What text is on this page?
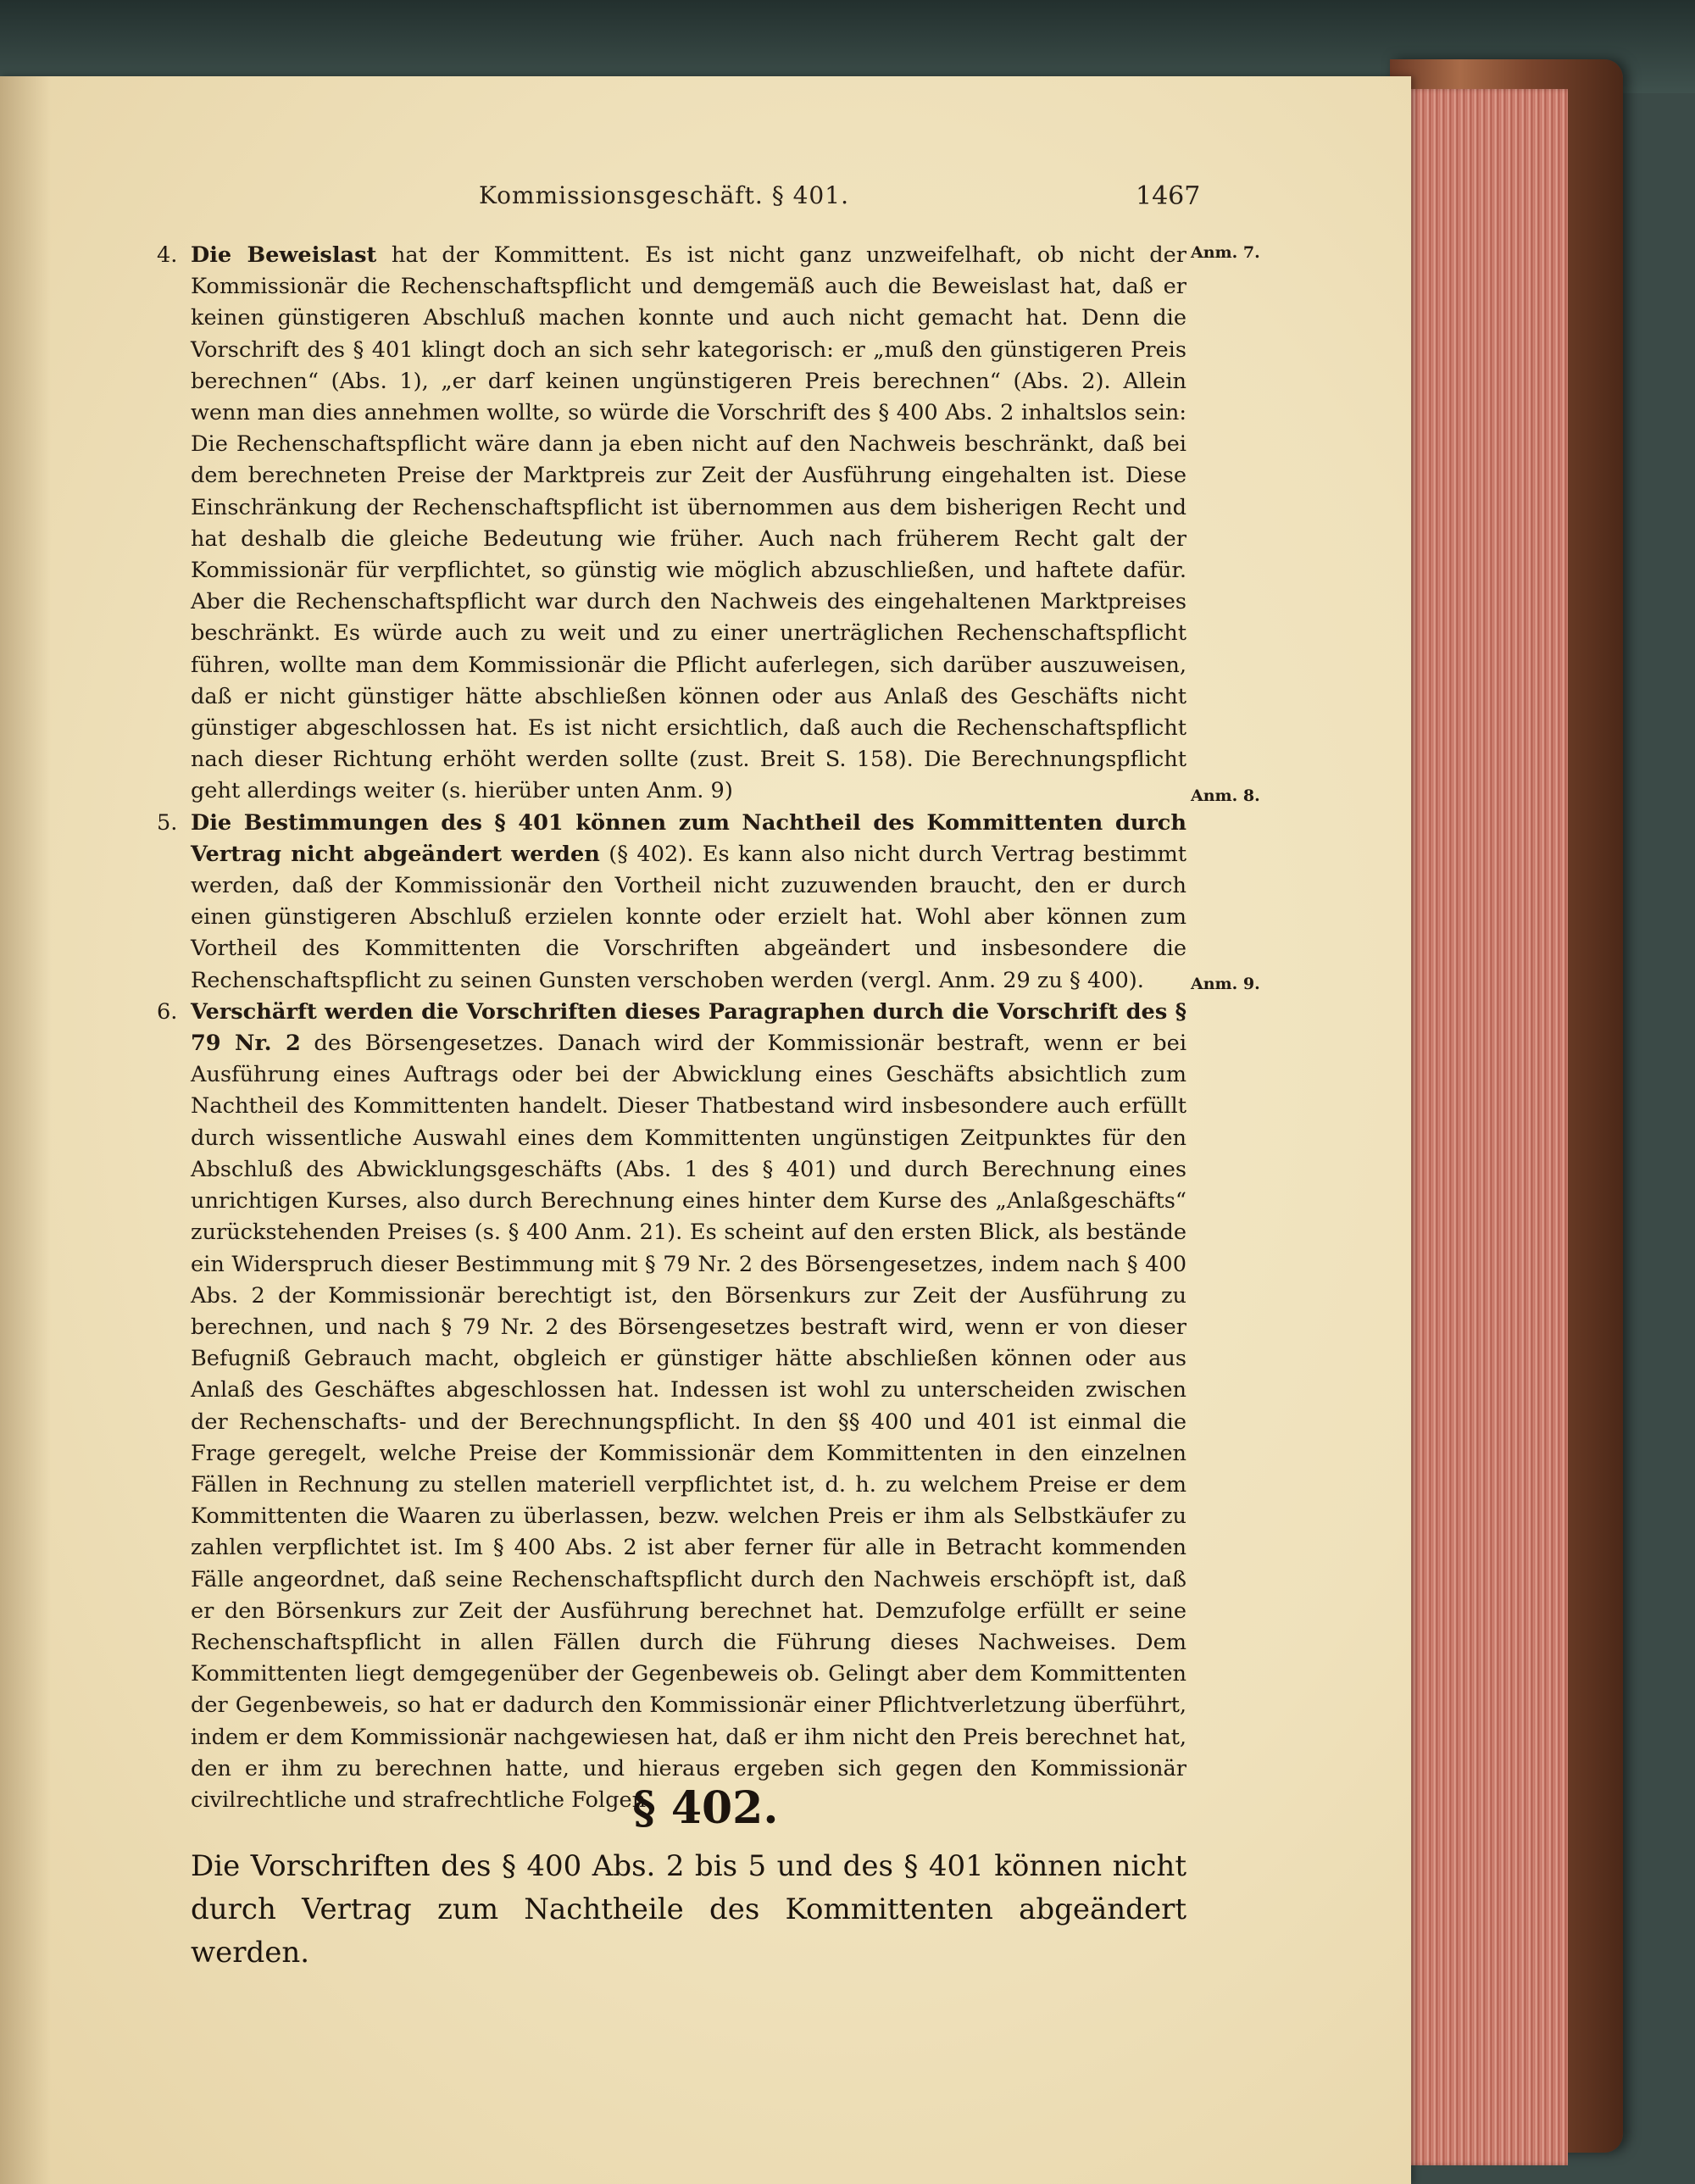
Kommissionsgeschäft. § 401.	1467

4. Die Beweislast hat der Kommittent. Es ist nicht ganz unzweifelhaft, ob nicht der Kommissionär die Rechenschaftspflicht und demgemäß auch die Beweislast hat, daß er keinen günstigeren Abschluß machen konnte und auch nicht gemacht hat. Denn die Vorschrift des § 401 klingt doch an sich sehr kategorisch: er „muß den günstigeren Preis berechnen“ (Abs. 1), „er darf keinen ungünstigeren Preis berechnen“ (Abs. 2). Allein wenn man dies annehmen wollte, so würde die Vorschrift des § 400 Abs. 2 inhaltslos sein: Die Rechenschaftspflicht wäre dann ja eben nicht auf den Nachweis beschränkt, daß bei dem berechneten Preise der Marktpreis zur Zeit der Ausführung eingehalten ist. Diese Einschränkung der Rechenschaftspflicht ist übernommen aus dem bisherigen Recht und hat deshalb die gleiche Bedeutung wie früher. Auch nach früherem Recht galt der Kommissionär für verpflichtet, so günstig wie möglich abzuschließen, und haftete dafür. Aber die Rechenschaftspflicht war durch den Nachweis des eingehaltenen Marktpreises beschränkt. Es würde auch zu weit und zu einer unerträglichen Rechenschaftspflicht führen, wollte man dem Kommissionär die Pflicht auferlegen, sich darüber auszuweisen, daß er nicht günstiger hätte abschließen können oder aus Anlaß des Geschäfts nicht günstiger abgeschlossen hat. Es ist nicht ersichtlich, daß auch die Rechenschaftspflicht nach dieser Richtung erhöht werden sollte (zust. Breit S. 158). Die Berechnungspflicht geht allerdings weiter (s. hierüber unten Anm. 9)

5. Die Bestimmungen des § 401 können zum Nachtheil des Kommittenten durch Vertrag nicht abgeändert werden (§ 402). Es kann also nicht durch Vertrag bestimmt werden, daß der Kommissionär den Vortheil nicht zuzuwenden braucht, den er durch einen günstigeren Abschluß erzielen konnte oder erzielt hat. Wohl aber können zum Vortheil des Kommittenten die Vorschriften abgeändert und insbesondere die Rechenschaftspflicht zu seinen Gunsten verschoben werden (vergl. Anm. 29 zu § 400).

6. Verschärft werden die Vorschriften dieses Paragraphen durch die Vorschrift des § 79 Nr. 2 des Börsengesetzes. Danach wird der Kommissionär bestraft, wenn er bei Ausführung eines Auftrags oder bei der Abwicklung eines Geschäfts absichtlich zum Nachtheil des Kommittenten handelt. Dieser Thatbestand wird insbesondere auch erfüllt durch wissentliche Auswahl eines dem Kommittenten ungünstigen Zeitpunktes für den Abschluß des Abwicklungsgeschäfts (Abs. 1 des § 401) und durch Berechnung eines unrichtigen Kurses, also durch Berechnung eines hinter dem Kurse des „Anlaßgeschäfts“ zurückstehenden Preises (s. § 400 Anm. 21). Es scheint auf den ersten Blick, als bestände ein Widerspruch dieser Bestimmung mit § 79 Nr. 2 des Börsengesetzes, indem nach § 400 Abs. 2 der Kommissionär berechtigt ist, den Börsenkurs zur Zeit der Ausführung zu berechnen, und nach § 79 Nr. 2 des Börsengesetzes bestraft wird, wenn er von dieser Befugniß Gebrauch macht, obgleich er günstiger hätte abschließen können oder aus Anlaß des Geschäftes abgeschlossen hat. Indessen ist wohl zu unterscheiden zwischen der Rechenschafts- und der Berechnungspflicht. In den §§ 400 und 401 ist einmal die Frage geregelt, welche Preise der Kommissionär dem Kommittenten in den einzelnen Fällen in Rechnung zu stellen materiell verpflichtet ist, d. h. zu welchem Preise er dem Kommittenten die Waaren zu überlassen, bezw. welchen Preis er ihm als Selbstkäufer zu zahlen verpflichtet ist. Im § 400 Abs. 2 ist aber ferner für alle in Betracht kommenden Fälle angeordnet, daß seine Rechenschaftspflicht durch den Nachweis erschöpft ist, daß er den Börsenkurs zur Zeit der Ausführung berechnet hat. Demzufolge erfüllt er seine Rechenschaftspflicht in allen Fällen durch die Führung dieses Nachweises. Dem Kommittenten liegt demgegenüber der Gegenbeweis ob. Gelingt aber dem Kommittenten der Gegenbeweis, so hat er dadurch den Kommissionär einer Pflichtverletzung überführt, indem er dem Kommissionär nachgewiesen hat, daß er ihm nicht den Preis berechnet hat, den er ihm zu berechnen hatte, und hieraus ergeben sich gegen den Kommissionär civilrechtliche und strafrechtliche Folgen.

Anm. 7.
Anm. 8.
Anm. 9.
§ 402.
Die Vorschriften des § 400 Abs. 2 bis 5 und des § 401 können nicht durch Vertrag zum Nachtheile des Kommittenten abgeändert werden.
